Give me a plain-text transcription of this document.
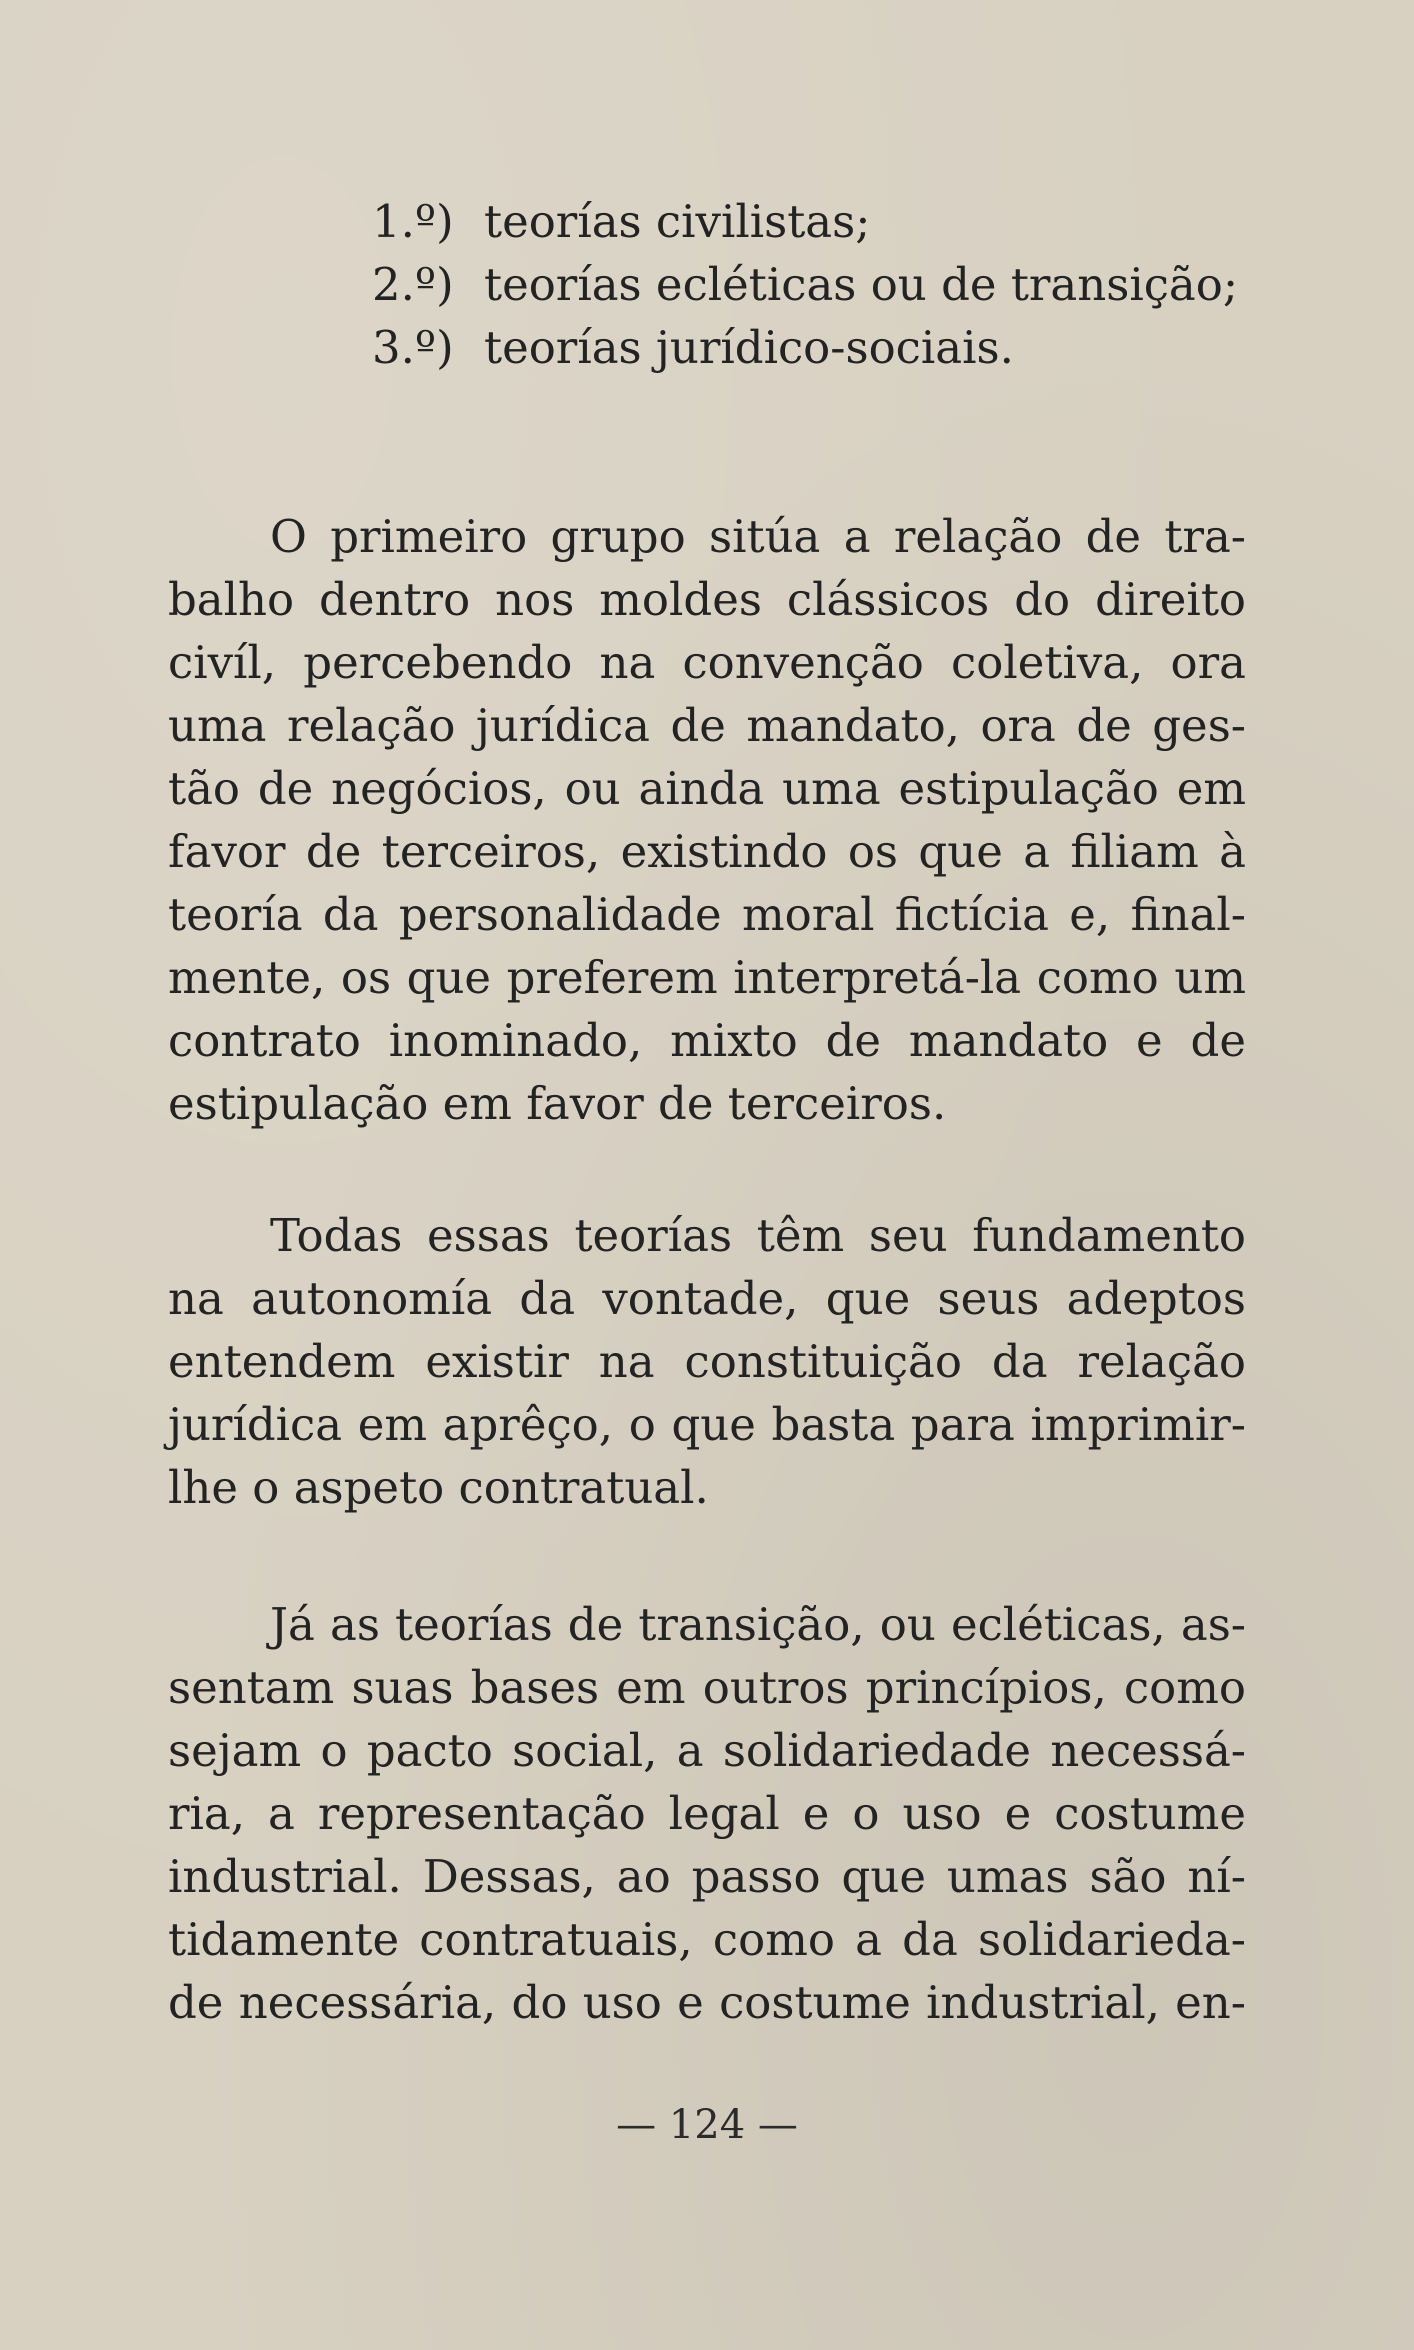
1.º) teorías civilistas;
2.º) teorías ecléticas ou de transição;
3.º) teorías jurídico-sociais.

O primeiro grupo sitúa a relação de tra-
balho dentro nos moldes clássicos do direito
civíl, percebendo na convenção coletiva, ora
uma relação jurídica de mandato, ora de ges-
tão de negócios, ou ainda uma estipulação em
favor de terceiros, existindo os que a filiam à
teoría da personalidade moral fictícia e, final-
mente, os que preferem interpretá-la como um
contrato inominado, mixto de mandato e de
estipulação em favor de terceiros.

Todas essas teorías têm seu fundamento
na autonomía da vontade, que seus adeptos
entendem existir na constituição da relação
jurídica em aprêço, o que basta para imprimir-
lhe o aspeto contratual.

Já as teorías de transição, ou ecléticas, as-
sentam suas bases em outros princípios, como
sejam o pacto social, a solidariedade necessá-
ria, a representação legal e o uso e costume
industrial. Dessas, ao passo que umas são ní-
tidamente contratuais, como a da solidarieda-
de necessária, do uso e costume industrial, en-

— 124 —
